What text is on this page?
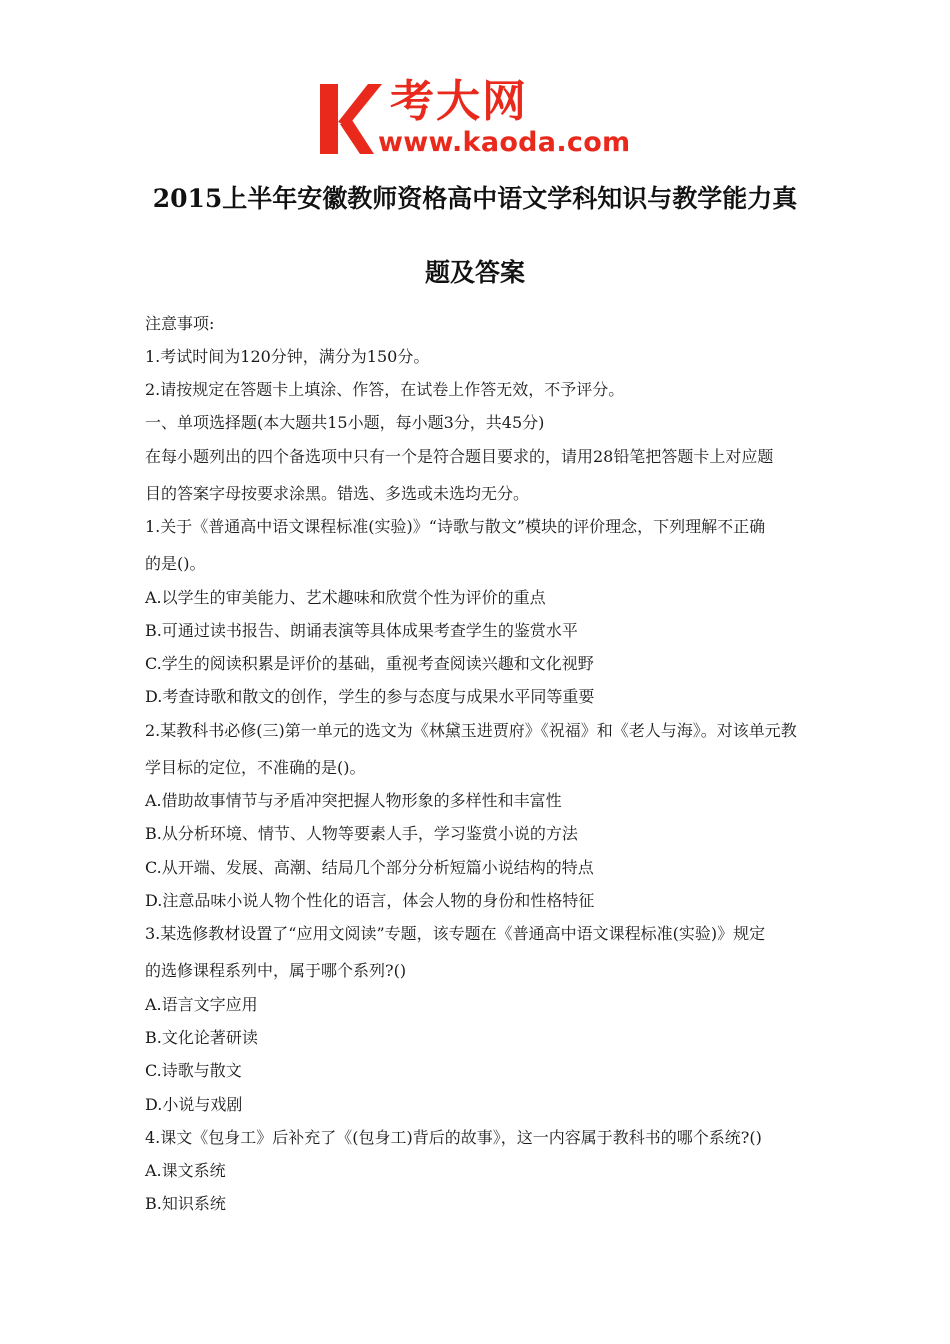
考大网
www.kaoda.com
2015上半年安徽教师资格高中语文学科知识与教学能力真
题及答案
注意事项:
1.考试时间为120分钟，满分为150分。
2.请按规定在答题卡上填涂、作答，在试卷上作答无效，不予评分。
一、单项选择题(本大题共15小题，每小题3分，共45分)
在每小题列出的四个备选项中只有一个是符合题目要求的，请用28铅笔把答题卡上对应题
目的答案字母按要求涂黑。错选、多选或未选均无分。
1.关于《普通高中语文课程标准(实验)》“诗歌与散文”模块的评价理念，下列理解不正确
的是()。
A.以学生的审美能力、艺术趣味和欣赏个性为评价的重点
B.可通过读书报告、朗诵表演等具体成果考查学生的鉴赏水平
C.学生的阅读积累是评价的基础，重视考查阅读兴趣和文化视野
D.考查诗歌和散文的创作，学生的参与态度与成果水平同等重要
2.某教科书必修(三)第一单元的选文为《林黛玉进贾府》《祝福》和《老人与海》。对该单元教
学目标的定位，不准确的是()。
A.借助故事情节与矛盾冲突把握人物形象的多样性和丰富性
B.从分析环境、情节、人物等要素人手，学习鉴赏小说的方法
C.从开端、发展、高潮、结局几个部分分析短篇小说结构的特点
D.注意品味小说人物个性化的语言，体会人物的身份和性格特征
3.某选修教材设置了“应用文阅读”专题，该专题在《普通高中语文课程标准(实验)》规定
的选修课程系列中，属于哪个系列?()
A.语言文字应用
B.文化论著研读
C.诗歌与散文
D.小说与戏剧
4.课文《包身工》后补充了《(包身工)背后的故事》，这一内容属于教科书的哪个系统?()
A.课文系统
B.知识系统
